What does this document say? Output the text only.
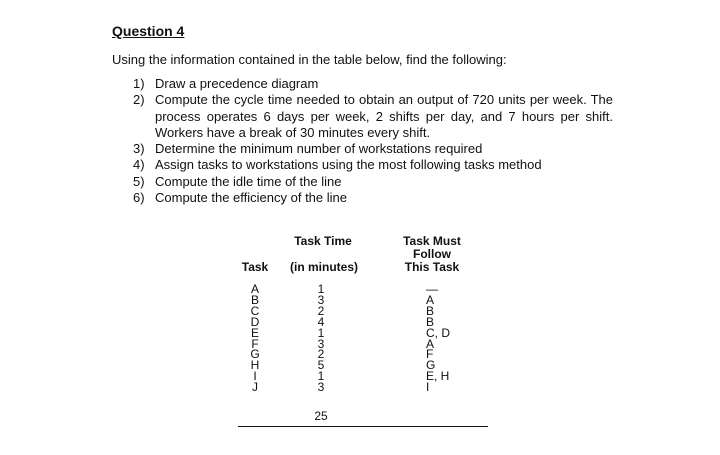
Question 4
Using the information contained in the table below, find the following:
1) Draw a precedence diagram
2) Compute the cycle time needed to obtain an output of 720 units per week. The process operates 6 days per week, 2 shifts per day, and 7 hours per shift. Workers have a break of 30 minutes every shift.
3) Determine the minimum number of workstations required
4) Assign tasks to workstations using the most following tasks method
5) Compute the idle time of the line
6) Compute the efficiency of the line
Task
Task Time
(in minutes)
Task Must
Follow
This Task
A
B
C
D
E
F
G
H
I
J
1
3
2
4
1
3
2
5
1
3
—
A
B
B
C, D
A
F
G
E, H
I
25
